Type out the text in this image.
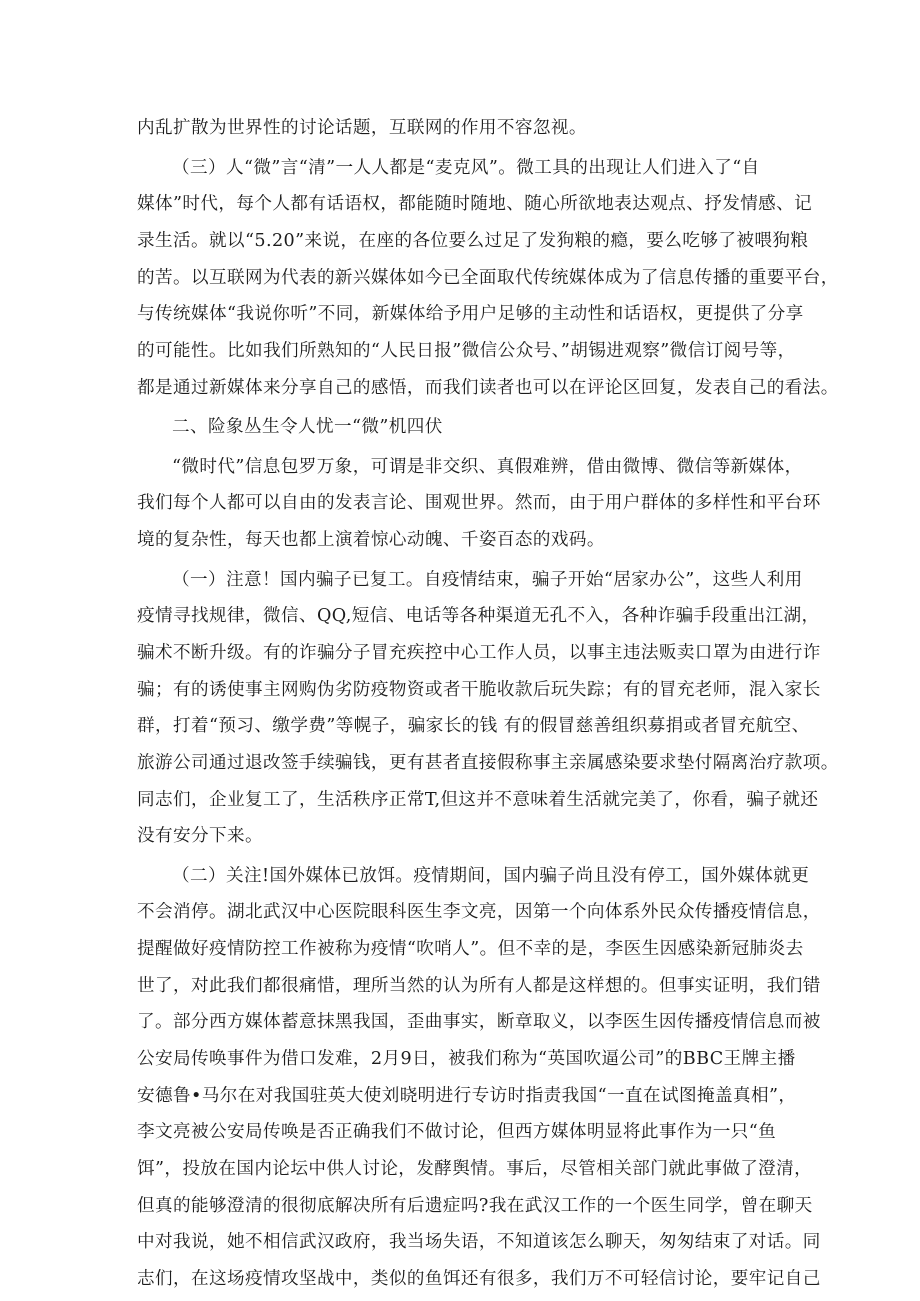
内乱扩散为世界性的讨论话题，互联网的作用不容忽视。
（三）人“微”言“清”一人人都是“麦克风”。微工具的出现让人们进入了“自
媒体”时代，每个人都有话语权，都能随时随地、随心所欲地表达观点、抒发情感、记
录生活。就以“5.20”来说，在座的各位要么过足了发狗粮的瘾，要么吃够了被喂狗粮
的苦。以互联网为代表的新兴媒体如今已全面取代传统媒体成为了信息传播的重要平台，
与传统媒体“我说你听”不同，新媒体给予用户足够的主动性和话语权，更提供了分享
的可能性。比如我们所熟知的“人民日报”微信公众号、”胡锡进观察”微信订阅号等，
都是通过新媒体来分享自己的感悟，而我们读者也可以在评论区回复，发表自己的看法。
二、险象丛生令人忧一“微”机四伏
“微时代”信息包罗万象，可谓是非交织、真假难辨，借由微博、微信等新媒体，
我们每个人都可以自由的发表言论、围观世界。然而，由于用户群体的多样性和平台环
境的复杂性，每天也都上演着惊心动魄、千姿百态的戏码。
（一）注意！国内骗子已复工。自疫情结束，骗子开始“居家办公”，这些人利用
疫情寻找规律，微信、QQ,短信、电话等各种渠道无孔不入，各种诈骗手段重出江湖，
骗术不断升级。有的诈骗分子冒充疾控中心工作人员，以事主违法贩卖口罩为由进行诈
骗；有的诱使事主网购伪劣防疫物资或者干脆收款后玩失踪；有的冒充老师，混入家长
群，打着“预习、缴学费”等幌子，骗家长的钱 有的假冒慈善组织募捐或者冒充航空、
旅游公司通过退改签手续骗钱，更有甚者直接假称事主亲属感染要求垫付隔离治疗款项。
同志们，企业复工了，生活秩序正常T,但这并不意味着生活就完美了，你看，骗子就还
没有安分下来。
（二）关注!国外媒体已放饵。疫情期间，国内骗子尚且没有停工，国外媒体就更
不会消停。湖北武汉中心医院眼科医生李文亮，因第一个向体系外民众传播疫情信息，
提醒做好疫情防控工作被称为疫情“吹哨人”。但不幸的是，李医生因感染新冠肺炎去
世了，对此我们都很痛惜，理所当然的认为所有人都是这样想的。但事实证明，我们错
了。部分西方媒体蓄意抹黑我国，歪曲事实，断章取义，以李医生因传播疫情信息而被
公安局传唤事件为借口发难，2月9日，被我们称为“英国吹逼公司”的BBC王牌主播
安德鲁•马尔在对我国驻英大使刘晓明进行专访时指责我国“一直在试图掩盖真相”，
李文亮被公安局传唤是否正确我们不做讨论，但西方媒体明显将此事作为一只“鱼
饵”，投放在国内论坛中供人讨论，发酵舆情。事后，尽管相关部门就此事做了澄清，
但真的能够澄清的很彻底解决所有后遗症吗?我在武汉工作的一个医生同学，曾在聊天
中对我说，她不相信武汉政府，我当场失语，不知道该怎么聊天，匆匆结束了对话。同
志们，在这场疫情攻坚战中，类似的鱼饵还有很多，我们万不可轻信讨论，要牢记自己
